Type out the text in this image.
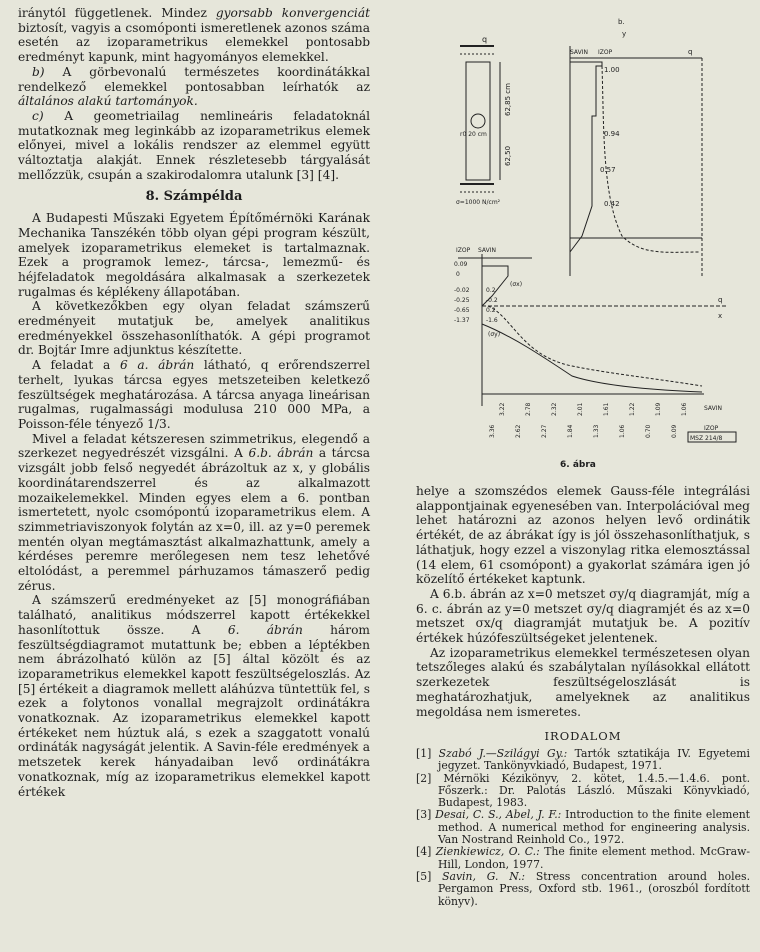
iránytól függetlenek. Mindez gyorsabb konvergenciát biztosít, vagyis a csomóponti ismeretlenek azonos száma esetén az izoparametrikus elemekkel pontosabb eredményt kapunk, mint hagyományos elemekkel.

b) A görbevonalú természetes koordinátákkal rendelkező elemekkel pontosabban leírhatók az általános alakú tartományok.

c) A geometriailag nemlineáris feladatoknál mutatkoznak meg leginkább az izoparametrikus elemek előnyei, mivel a lokális rendszer az elemmel együtt változtatja alakját. Ennek részletesebb tárgyalását mellőzzük, csupán a szakirodalomra utalunk [3] [4].

8. Számpélda

A Budapesti Műszaki Egyetem Építőmérnöki Karának Mechanika Tanszékén több olyan gépi program készült, amelyek izoparametrikus elemeket is tartalmaznak. Ezek a programok lemez-, tárcsa-, lemezmű- és héjfeladatok megoldására alkalmasak a szerkezetek rugalmas és képlékeny állapotában.

A következőkben egy olyan feladat számszerű eredményeit mutatjuk be, amelyek analitikus eredményekkel összehasonlíthatók. A gépi programot dr. Bojtár Imre adjunktus készítette.

A feladat a 6 a. ábrán látható, q erőrendszerrel terhelt, lyukas tárcsa egyes metszeteiben keletkező feszültségek meghatározása. A tárcsa anyaga lineárisan rugalmas, rugalmassági modulusa 210 000 MPa, a Poisson-féle tényező 1/3.

Mivel a feladat kétszeresen szimmetrikus, elegendő a szerkezet negyedrészét vizsgálni. A 6.b. ábrán a tárcsa vizsgált jobb felső negyedét ábrázoltuk az x, y globális koordinátarendszerrel és az alkalmazott mozaikelemekkel. Minden egyes elem a 6. pontban ismertetett, nyolc csomópontú izoparametrikus elem. A szimmetriaviszonyok folytán az x=0, ill. az y=0 peremek mentén olyan megtámasztást alkalmazhattunk, amely a kérdéses peremre merőlegesen nem tesz lehetővé eltolódást, a peremmel párhuzamos támaszerő pedig zérus.

A számszerű eredményeket az [5] monográfiában található, analitikus módszerrel kapott értékekkel hasonlítottuk össze. A 6. ábrán három feszültségdiagramot mutattunk be; ebben a léptékben nem ábrázolható külön az [5] által közölt és az izoparametrikus elemekkel kapott feszültségeloszlás. Az [5] értékeit a diagramok mellett aláhúzva tüntettük fel, s ezek a folytonos vonallal megrajzolt ordinátákra vonatkoznak. Az izoparametrikus elemekkel kapott értékeket nem húztuk alá, s ezek a szaggatott vonalú ordináták nagyságát jelentik. A Savin-féle eredmények a metszetek kerek hányadaiban levő ordinátákra vonatkoznak, míg az izoparametrikus elemekkel kapott értékek

q
62,85 cm
62,50
r0 20 cm
σ=1000 N/cm²
b.
y
SAVIN IZOP	q
1.00
0.94
0.57
0.42
IZOP SAVIN
0.09
0
-0.02
-0.25
-0.65
-1.37
0.2
-0.2
0.2
-1.6
(σx)
(σy)
q
x
3.36	2.62	2.27	1.84	1.33	1.06	0.70	0.09
3.22	2.78	2.32	2.01	1.61	1.22	1.09	1.06	SAVIN
IZOP
MSZ 214/8
6. ábra

helye a szomszédos elemek Gauss-féle integrálási alappontjainak egyenesében van. Interpolációval meg lehet határozni az azonos helyen levő ordinátik értékét, de az ábrákat így is jól összehasonlíthatjuk, s láthatjuk, hogy ezzel a viszonylag ritka elemosztással (14 elem, 61 csomópont) a gyakorlat számára igen jó közelítő értékeket kaptunk.

A 6.b. ábrán az x=0 metszet σy/q diagramját, míg a 6. c. ábrán az y=0 metszet σy/q diagramjét és az x=0 metszet σx/q diagramját mutatjuk be. A pozitív értékek húzófeszültségeket jelentenek.

Az izoparametrikus elemekkel természetesen olyan tetszőleges alakú és szabálytalan nyílásokkal ellátott szerkezetek feszültségeloszlását is meghatározhatjuk, amelyeknek az analitikus megoldása nem ismeretes.

IRODALOM

[1] Szabó J.—Szilágyi Gy.: Tartók sztatikája IV. Egyetemi jegyzet. Tankönyvkiadó, Budapest, 1971.

[2] Mérnöki Kézikönyv, 2. kötet, 1.4.5.—1.4.6. pont. Főszerk.: Dr. Palotás László. Műszaki Könyvkiadó, Budapest, 1983.

[3] Desai, C. S., Abel, J. F.: Introduction to the finite element method. A numerical method for engineering analysis. Van Nostrand Reinhold Co., 1972.

[4] Zienkiewicz, O. C.: The finite element method. McGraw-Hill, London, 1977.

[5] Savin, G. N.: Stress concentration around holes. Pergamon Press, Oxford stb. 1961., (oroszból fordított könyv).
